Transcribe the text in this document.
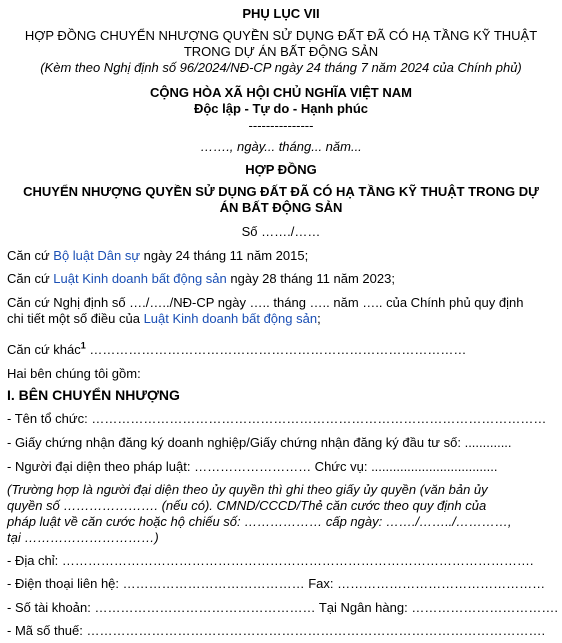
PHỤ LỤC VII
HỢP ĐỒNG CHUYỂN NHƯỢNG QUYỀN SỬ DỤNG ĐẤT ĐÃ CÓ HẠ TẦNG KỸ THUẬT
TRONG DỰ ÁN BẤT ĐỘNG SẢN
(Kèm theo Nghị định số 96/2024/NĐ-CP ngày 24 tháng 7 năm 2024 của Chính phủ)
CỘNG HÒA XÃ HỘI CHỦ NGHĨA VIỆT NAM
Độc lập - Tự do - Hạnh phúc
---------------
……., ngày... tháng... năm...
HỢP ĐỒNG
CHUYỂN NHƯỢNG QUYỀN SỬ DỤNG ĐẤT ĐÃ CÓ HẠ TẦNG KỸ THUẬT TRONG DỰ
ÁN BẤT ĐỘNG SẢN
Số ……./……
Căn cứ Bộ luật Dân sự ngày 24 tháng 11 năm 2015;
Căn cứ Luật Kinh doanh bất động sản ngày 28 tháng 11 năm 2023;
Căn cứ Nghị định số …./…../NĐ-CP ngày ….. tháng ….. năm ….. của Chính phủ quy định
chi tiết một số điều của Luật Kinh doanh bất động sản;
Căn cứ khác$^1$ ……………………………………………………………………………
Hai bên chúng tôi gồm:
I. BÊN CHUYỂN NHƯỢNG
- Tên tổ chức: ……………………………………………………………………………………………
- Giấy chứng nhận đăng ký doanh nghiệp/Giấy chứng nhận đăng ký đầu tư số: .............
- Người đại diện theo pháp luật: ……………………… Chức vụ: ...................................
(Trường hợp là người đại diện theo ủy quyền thì ghi theo giấy ủy quyền (văn bản ủy
quyền số …………………. (nếu có). CMND/CCCD/Thẻ căn cước theo quy định của
pháp luật về căn cước hoặc hộ chiếu số: ……………… cấp ngày: ……./……../…………,
tại …………………………)
- Địa chỉ: ……………………………………………………………………………………………….
- Điện thoại liên hệ: …………………………………… Fax: …………………………………………
- Số tài khoản: …………………………………………… Tại Ngân hàng: …………………………….
- Mã số thuế: …………………………………………………………………………………………….
